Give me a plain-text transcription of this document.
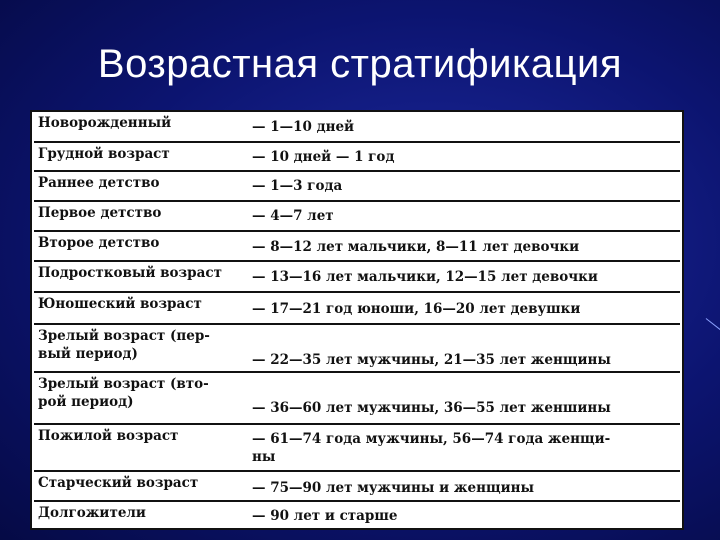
Возрастная стратификация
Новорожденный	— 1—10 дней
Грудной возраст	— 10 дней — 1 год
Раннее детство	— 1—3 года
Первое детство	— 4—7 лет
Второе детство	— 8—12 лет мальчики, 8—11 лет девочки
Подростковый возраст	— 13—16 лет мальчики, 12—15 лет девочки
Юношеский возраст	— 17—21 год юноши, 16—20 лет девушки
Зрелый возраст (пер-
вый период)	— 22—35 лет мужчины, 21—35 лет женщины
Зрелый возраст (вто-
рой период)	— 36—60 лет мужчины, 36—55 лет женшины
Пожилой возраст	— 61—74 года мужчины, 56—74 года женщи-
ны
Старческий возраст	— 75—90 лет мужчины и женщины
Долгожители	— 90 лет и старше
